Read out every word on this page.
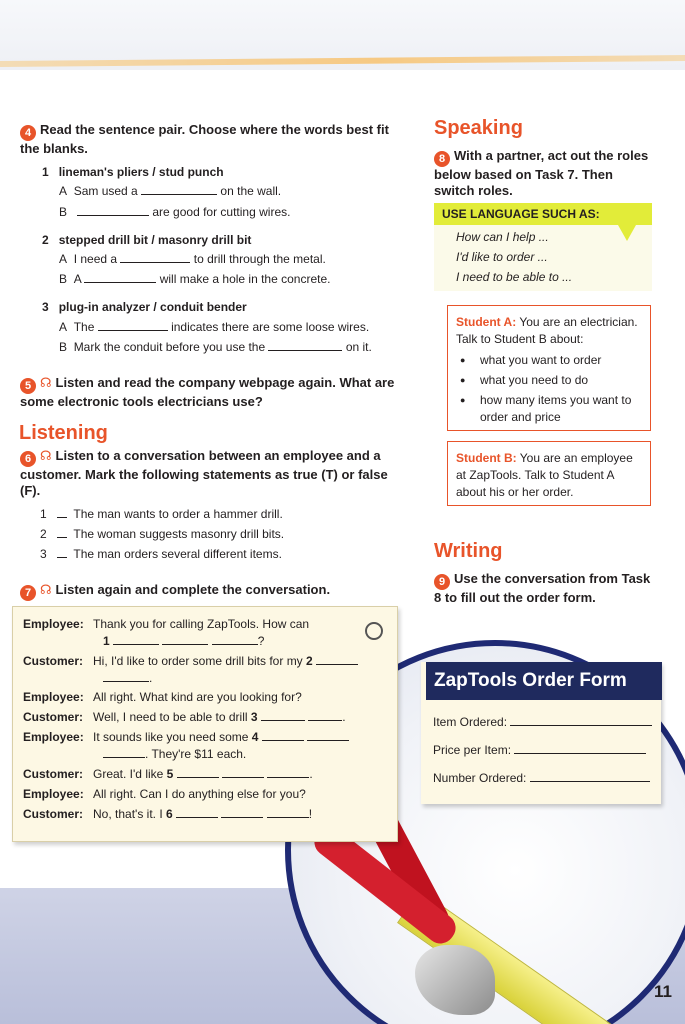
4 Read the sentence pair. Choose where the words best fit the blanks.
1 lineman's pliers / stud punch
A Sam used a	on the wall.
B	are good for cutting wires.
2 stepped drill bit / masonry drill bit
A I need a	to drill through the metal.
B A	will make a hole in the concrete.
3 plug-in analyzer / conduit bender
A The	indicates there are some loose wires.
B Mark the conduit before you use the	on it.
5 ☊ Listen and read the company webpage again. What are some electronic tools electricians use?
Listening
6 ☊ Listen to a conversation between an employee and a customer. Mark the following statements as true (T) or false (F).
1 The man wants to order a hammer drill.
2 The woman suggests masonry drill bits.
3 The man orders several different items.
7 ☊ Listen again and complete the conversation.
Employee: Thank you for calling ZapTools. How can
1	?
Customer: Hi, I'd like to order some drill bits for my 2
.
Employee: All right. What kind are you looking for?
Customer: Well, I need to be able to drill 3	.
Employee: It sounds like you need some 4
. They're $11 each.
Customer: Great. I'd like 5	.
Employee: All right. Can I do anything else for you?
Customer: No, that's it. I 6	!
Speaking
8 With a partner, act out the roles below based on Task 7. Then switch roles.
USE LANGUAGE SUCH AS:
How can I help ...
I'd like to order ...
I need to be able to ...
Student A: You are an electrician. Talk to Student B about:
● what you want to order
● what you need to do
● how many items you want to order and price
Student B: You are an employee at ZapTools. Talk to Student A about his or her order.
Writing
9 Use the conversation from Task 8 to fill out the order form.
ZapTools Order Form
Item Ordered:
Price per Item:
Number Ordered:
11
